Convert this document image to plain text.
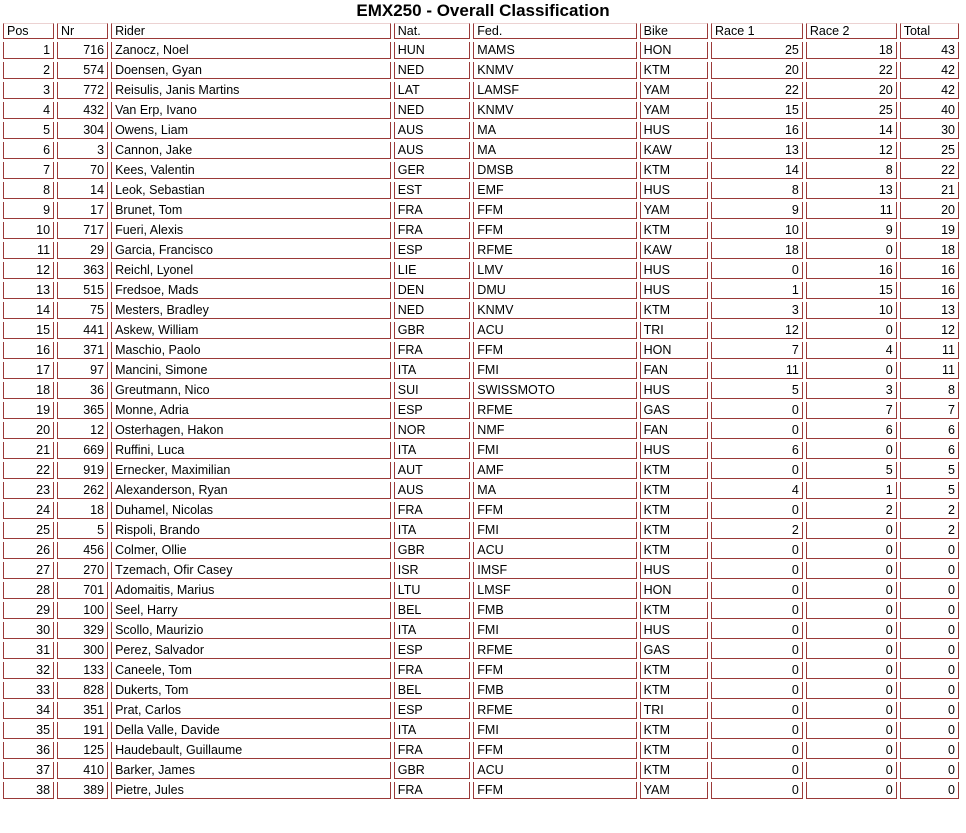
EMX250 - Overall Classification
Pos	Nr	Rider	Nat.	Fed.	Bike	Race 1	Race 2	Total
1	716	Zanocz, Noel	HUN	MAMS	HON	25	18	43
2	574	Doensen, Gyan	NED	KNMV	KTM	20	22	42
3	772	Reisulis, Janis Martins	LAT	LAMSF	YAM	22	20	42
4	432	Van Erp, Ivano	NED	KNMV	YAM	15	25	40
5	304	Owens, Liam	AUS	MA	HUS	16	14	30
6	3	Cannon, Jake	AUS	MA	KAW	13	12	25
7	70	Kees, Valentin	GER	DMSB	KTM	14	8	22
8	14	Leok, Sebastian	EST	EMF	HUS	8	13	21
9	17	Brunet, Tom	FRA	FFM	YAM	9	11	20
10	717	Fueri, Alexis	FRA	FFM	KTM	10	9	19
11	29	Garcia, Francisco	ESP	RFME	KAW	18	0	18
12	363	Reichl, Lyonel	LIE	LMV	HUS	0	16	16
13	515	Fredsoe, Mads	DEN	DMU	HUS	1	15	16
14	75	Mesters, Bradley	NED	KNMV	KTM	3	10	13
15	441	Askew, William	GBR	ACU	TRI	12	0	12
16	371	Maschio, Paolo	FRA	FFM	HON	7	4	11
17	97	Mancini, Simone	ITA	FMI	FAN	11	0	11
18	36	Greutmann, Nico	SUI	SWISSMOTO	HUS	5	3	8
19	365	Monne, Adria	ESP	RFME	GAS	0	7	7
20	12	Osterhagen, Hakon	NOR	NMF	FAN	0	6	6
21	669	Ruffini, Luca	ITA	FMI	HUS	6	0	6
22	919	Ernecker, Maximilian	AUT	AMF	KTM	0	5	5
23	262	Alexanderson, Ryan	AUS	MA	KTM	4	1	5
24	18	Duhamel, Nicolas	FRA	FFM	KTM	0	2	2
25	5	Rispoli, Brando	ITA	FMI	KTM	2	0	2
26	456	Colmer, Ollie	GBR	ACU	KTM	0	0	0
27	270	Tzemach, Ofir Casey	ISR	IMSF	HUS	0	0	0
28	701	Adomaitis, Marius	LTU	LMSF	HON	0	0	0
29	100	Seel, Harry	BEL	FMB	KTM	0	0	0
30	329	Scollo, Maurizio	ITA	FMI	HUS	0	0	0
31	300	Perez, Salvador	ESP	RFME	GAS	0	0	0
32	133	Caneele, Tom	FRA	FFM	KTM	0	0	0
33	828	Dukerts, Tom	BEL	FMB	KTM	0	0	0
34	351	Prat, Carlos	ESP	RFME	TRI	0	0	0
35	191	Della Valle, Davide	ITA	FMI	KTM	0	0	0
36	125	Haudebault, Guillaume	FRA	FFM	KTM	0	0	0
37	410	Barker, James	GBR	ACU	KTM	0	0	0
38	389	Pietre, Jules	FRA	FFM	YAM	0	0	0
